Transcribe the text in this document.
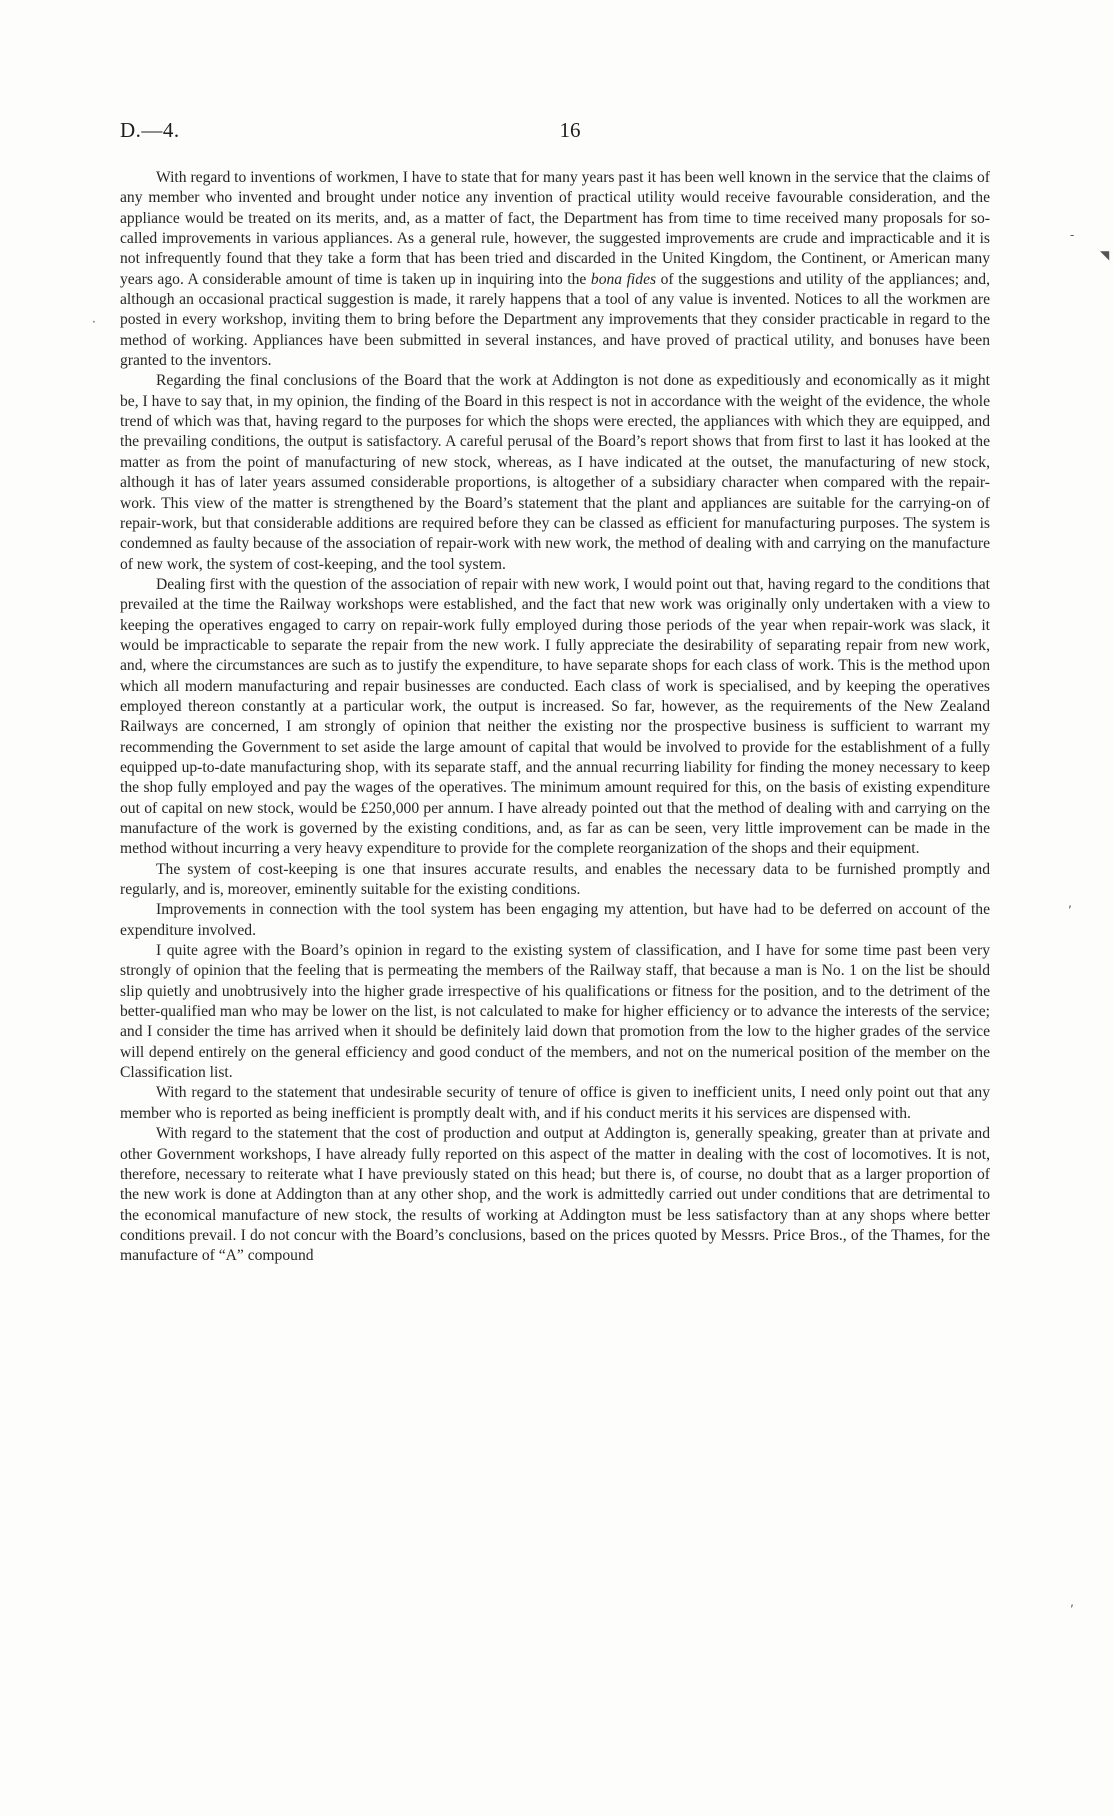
D.—4.	16

With regard to inventions of workmen, I have to state that for many years past it has been well known in the service that the claims of any member who invented and brought under notice any invention of practical utility would receive favourable consideration, and the appliance would be treated on its merits, and, as a matter of fact, the Department has from time to time received many proposals for so-called improvements in various appliances. As a general rule, however, the suggested improvements are crude and impracticable and it is not infrequently found that they take a form that has been tried and discarded in the United Kingdom, the Continent, or American many years ago. A considerable amount of time is taken up in inquiring into the bona fides of the suggestions and utility of the appliances; and, although an occasional practical suggestion is made, it rarely happens that a tool of any value is invented. Notices to all the workmen are posted in every workshop, inviting them to bring before the Department any improvements that they consider practicable in regard to the method of working. Appliances have been submitted in several instances, and have proved of practical utility, and bonuses have been granted to the inventors.

Regarding the final conclusions of the Board that the work at Addington is not done as expeditiously and economically as it might be, I have to say that, in my opinion, the finding of the Board in this respect is not in accordance with the weight of the evidence, the whole trend of which was that, having regard to the purposes for which the shops were erected, the appliances with which they are equipped, and the prevailing conditions, the output is satisfactory. A careful perusal of the Board’s report shows that from first to last it has looked at the matter as from the point of manufacturing of new stock, whereas, as I have indicated at the outset, the manufacturing of new stock, although it has of later years assumed considerable proportions, is altogether of a subsidiary character when compared with the repair-work. This view of the matter is strengthened by the Board’s statement that the plant and appliances are suitable for the carrying-on of repair-work, but that considerable additions are required before they can be classed as efficient for manufacturing purposes. The system is condemned as faulty because of the association of repair-work with new work, the method of dealing with and carrying on the manufacture of new work, the system of cost-keeping, and the tool system.

Dealing first with the question of the association of repair with new work, I would point out that, having regard to the conditions that prevailed at the time the Railway workshops were established, and the fact that new work was originally only undertaken with a view to keeping the operatives engaged to carry on repair-work fully employed during those periods of the year when repair-work was slack, it would be impracticable to separate the repair from the new work. I fully appreciate the desirability of separating repair from new work, and, where the circumstances are such as to justify the expenditure, to have separate shops for each class of work. This is the method upon which all modern manufacturing and repair businesses are conducted. Each class of work is specialised, and by keeping the operatives employed thereon constantly at a particular work, the output is increased. So far, however, as the requirements of the New Zealand Railways are concerned, I am strongly of opinion that neither the existing nor the prospective business is sufficient to warrant my recommending the Government to set aside the large amount of capital that would be involved to provide for the establishment of a fully equipped up-to-date manufacturing shop, with its separate staff, and the annual recurring liability for finding the money necessary to keep the shop fully employed and pay the wages of the operatives. The minimum amount required for this, on the basis of existing expenditure out of capital on new stock, would be £250,000 per annum. I have already pointed out that the method of dealing with and carrying on the manufacture of the work is governed by the existing conditions, and, as far as can be seen, very little improvement can be made in the method without incurring a very heavy expenditure to provide for the complete reorganization of the shops and their equipment.

The system of cost-keeping is one that insures accurate results, and enables the necessary data to be furnished promptly and regularly, and is, moreover, eminently suitable for the existing conditions.

Improvements in connection with the tool system has been engaging my attention, but have had to be deferred on account of the expenditure involved.

I quite agree with the Board’s opinion in regard to the existing system of classification, and I have for some time past been very strongly of opinion that the feeling that is permeating the members of the Railway staff, that because a man is No. 1 on the list be should slip quietly and unobtrusively into the higher grade irrespective of his qualifications or fitness for the position, and to the detriment of the better-qualified man who may be lower on the list, is not calculated to make for higher efficiency or to advance the interests of the service; and I consider the time has arrived when it should be definitely laid down that promotion from the low to the higher grades of the service will depend entirely on the general efficiency and good conduct of the members, and not on the numerical position of the member on the Classification list.

With regard to the statement that undesirable security of tenure of office is given to inefficient units, I need only point out that any member who is reported as being inefficient is promptly dealt with, and if his conduct merits it his services are dispensed with.

With regard to the statement that the cost of production and output at Addington is, generally speaking, greater than at private and other Government workshops, I have already fully reported on this aspect of the matter in dealing with the cost of locomotives. It is not, therefore, necessary to reiterate what I have previously stated on this head; but there is, of course, no doubt that as a larger proportion of the new work is done at Addington than at any other shop, and the work is admittedly carried out under conditions that are detrimental to the economical manufacture of new stock, the results of working at Addington must be less satisfactory than at any shops where better conditions prevail. I do not concur with the Board’s conclusions, based on the prices quoted by Messrs. Price Bros., of the Thames, for the manufacture of “A” compound

‐
◥
·
‚
‚
